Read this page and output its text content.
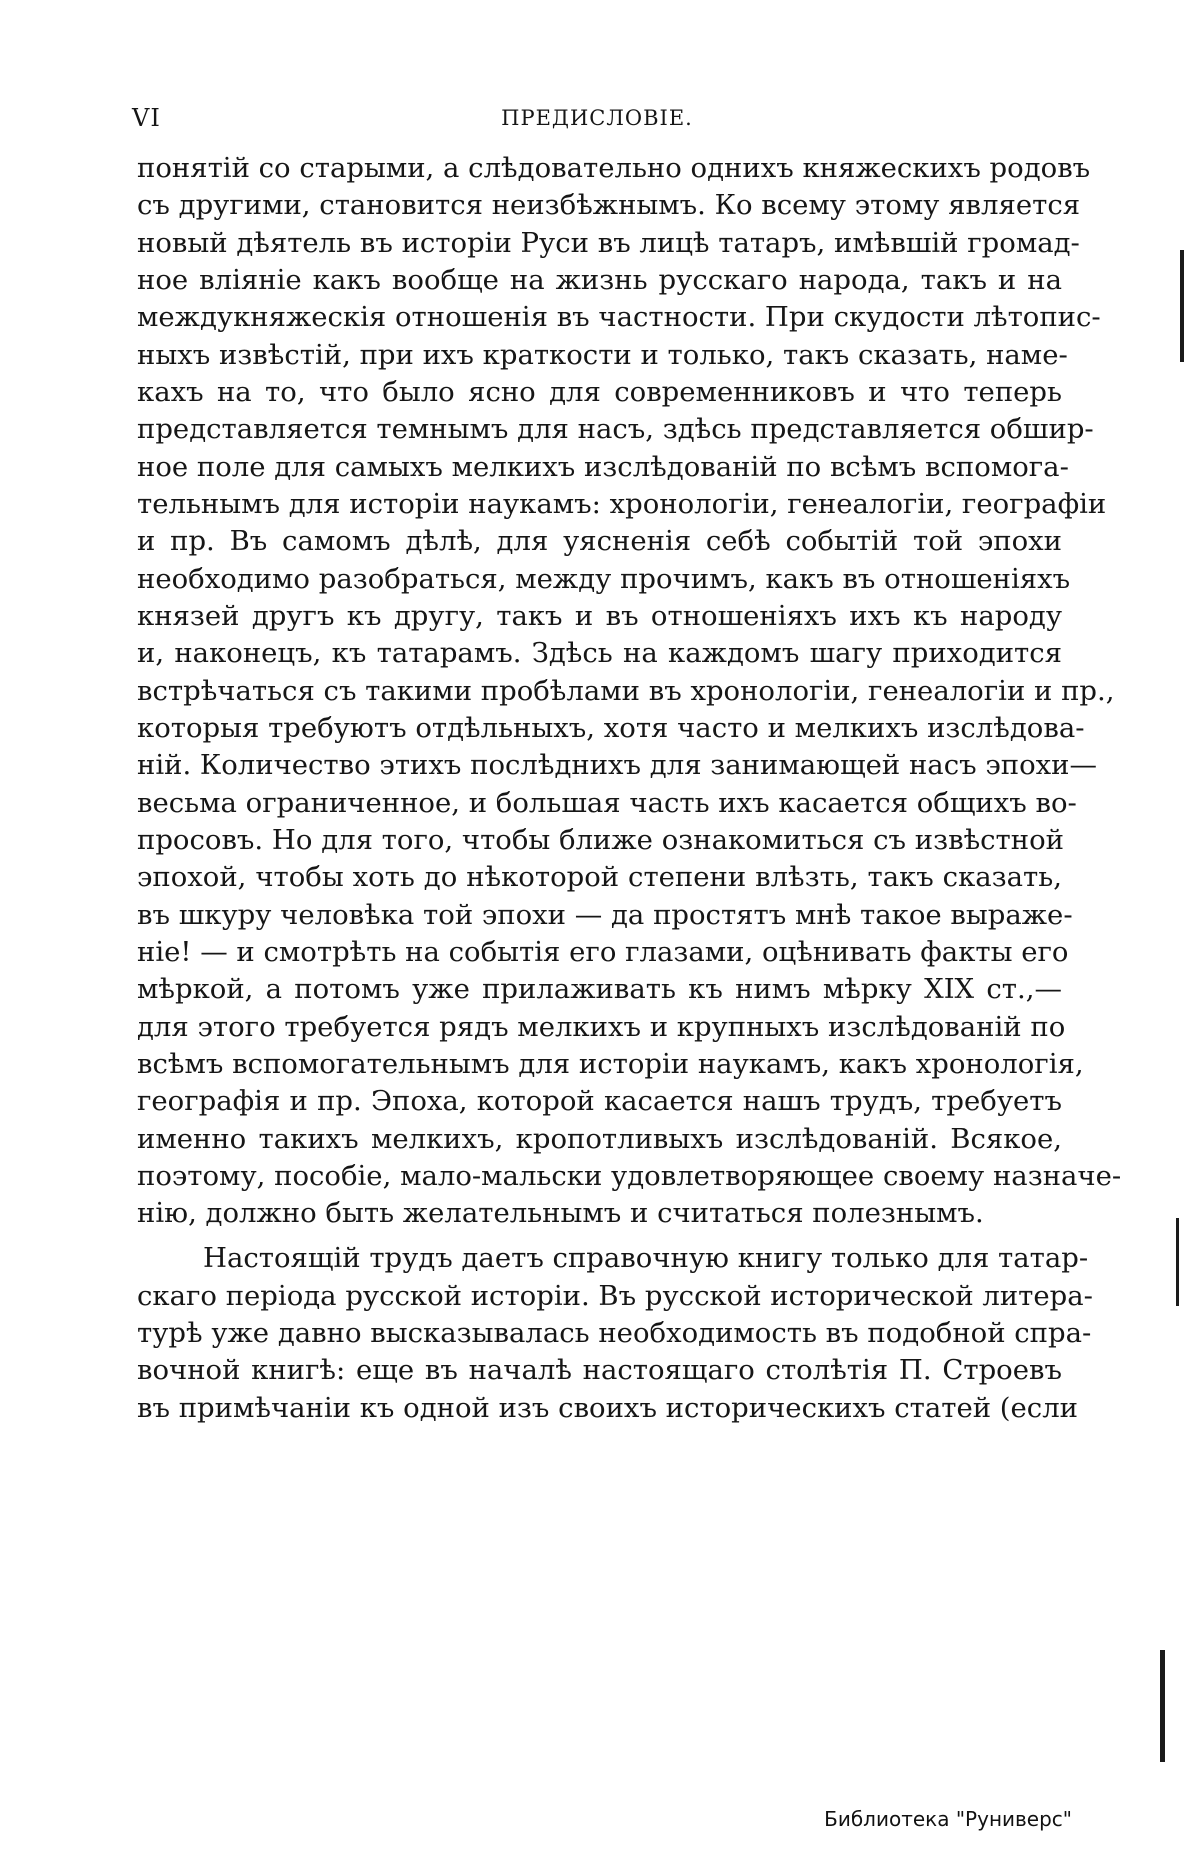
VI	ПРЕДИСЛОВІЕ.
понятій со старыми, а слѣдовательно однихъ княжескихъ родовъ
съ другими, становится неизбѣжнымъ. Ко всему этому является
новый дѣятель въ исторіи Руси въ лицѣ татаръ, имѣвшій громад-
ное вліяніе какъ вообще на жизнь русскаго народа, такъ и на
междукняжескія отношенія въ частности. При скудости лѣтопис-
ныхъ извѣстій, при ихъ краткости и только, такъ сказать, наме-
кахъ на то, что было ясно для современниковъ и что теперь
представляется темнымъ для насъ, здѣсь представляется обшир-
ное поле для самыхъ мелкихъ изслѣдованій по всѣмъ вспомога-
тельнымъ для исторіи наукамъ: хронологіи, генеалогіи, географіи
и пр. Въ самомъ дѣлѣ, для уясненія себѣ событій той эпохи
необходимо разобраться, между прочимъ, какъ въ отношеніяхъ
князей другъ къ другу, такъ и въ отношеніяхъ ихъ къ народу
и, наконецъ, къ татарамъ. Здѣсь на каждомъ шагу приходится
встрѣчаться съ такими пробѣлами въ хронологіи, генеалогіи и пр.,
которыя требуютъ отдѣльныхъ, хотя часто и мелкихъ изслѣдова-
ній. Количество этихъ послѣднихъ для занимающей насъ эпохи—
весьма ограниченное, и большая часть ихъ касается общихъ во-
просовъ. Но для того, чтобы ближе ознакомиться съ извѣстной
эпохой, чтобы хоть до нѣкоторой степени влѣзть, такъ сказать,
въ шкуру человѣка той эпохи — да простятъ мнѣ такое выраже-
ніе! — и смотрѣть на событія его глазами, оцѣнивать факты его
мѣркой, а потомъ уже прилаживать къ нимъ мѣрку XIX ст.,—
для этого требуется рядъ мелкихъ и крупныхъ изслѣдованій по
всѣмъ вспомогательнымъ для исторіи наукамъ, какъ хронологія,
географія и пр. Эпоха, которой касается нашъ трудъ, требуетъ
именно такихъ мелкихъ, кропотливыхъ изслѣдованій. Всякое,
поэтому, пособіе, мало-мальски удовлетворяющее своему назначе-
нію, должно быть желательнымъ и считаться полезнымъ.
Настоящій трудъ даетъ справочную книгу только для татар-
скаго періода русской исторіи. Въ русской исторической литера-
турѣ уже давно высказывалась необходимость въ подобной спра-
вочной книгѣ: еще въ началѣ настоящаго столѣтія П. Строевъ
въ примѣчаніи къ одной изъ своихъ историческихъ статей (если
Библиотека "Руниверс"
